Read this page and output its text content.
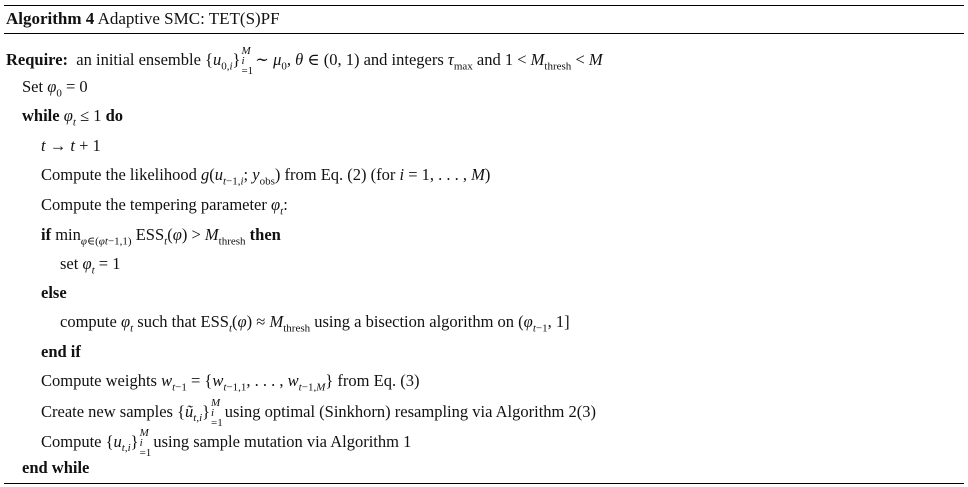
Algorithm 4 Adaptive SMC: TET(S)PF
Require:  an initial ensemble $\{u_{0,i}\}$ M
i
=1
∼ $\mu_0$, θ ∈ (0, 1) and integers $\tau_{max}$ and $1 < M_{thresh} < M$
Set $\varphi_0 = 0$
while $\varphi_t \le 1$ do
t → t + 1
Compute the likelihood $g(u_{t-1,i}$; $y_{obs}$) from Eq. (2) (for i = 1, . . . , M)
Compute the tempering parameter $\varphi_t$:
if $\min_{\varphi\in(\varphi t-1,1)} ESS_t(\varphi) > M_{thresh}$ then
set $\varphi_t = 1$
else
compute $\varphi_t$ such that $ESS_t(\varphi) \approx M_{thresh}$ using a bisection algorithm on ($\varphi_{t-1}$, 1]
end if
Compute weights $w_{t-1} = \{w_{t-1,1}$, . . . , $w_{t-1,M}$} from Eq. (3)
Create new samples $\{ũ_{t,i}\}$ M
i
=1
using optimal (Sinkhorn) resampling via Algorithm 2(3)
Compute $\{u_{t,i}\}$ M
i
=1
using sample mutation via Algorithm 1
end while
